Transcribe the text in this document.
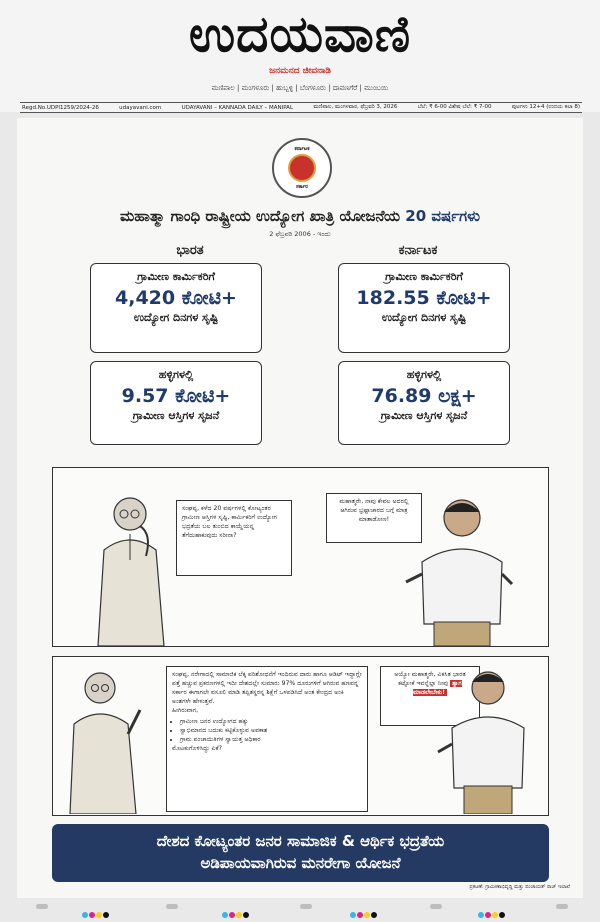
ಉದಯವಾಣಿ
ಜನಮನದ ಜೀವನಾಡಿ
ಮಣಿಪಾಲ | ಮಂಗಳೂರು | ಹುಬ್ಬಳ್ಳಿ | ಬೆಂಗಳೂರು | ದಾವಣಗೆರೆ | ಮುಂಬಯಿ
Regd.No.UDPI1259/2024-26	udayavani.com	UDAYAVANI – KANNADA DAILY – MANIPAL	ಮಣಿಪಾಲ, ಮಂಗಳವಾರ, ಫೆಬ್ರವರಿ 3, 2026	ಬೆಲೆ: ₹ 6-00 ವಿಶೇಷ ಬೆಲೆ: ₹ 7-00	ಪುಟಗಳು 12+4 (ಉದಯ ಕಲಾ 8)
ಕರ್ನಾಟಕ
ಸರ್ಕಾರ
ಮಹಾತ್ಮಾ ಗಾಂಧಿ ರಾಷ್ಟ್ರೀಯ ಉದ್ಯೋಗ ಖಾತ್ರಿ ಯೋಜನೆಯ 20 ವರ್ಷಗಳು
2 ಫೆಬ್ರವರಿ 2006 - ಇಂದು
ಭಾರತ	ಕರ್ನಾಟಕ
ಗ್ರಾಮೀಣ ಕಾರ್ಮಿಕರಿಗೆ
4,420 ಕೋಟಿ+
ಉದ್ಯೋಗ ದಿನಗಳ ಸೃಷ್ಟಿ
ಹಳ್ಳಿಗಳಲ್ಲಿ
9.57 ಕೋಟಿ+
ಗ್ರಾಮೀಣ ಆಸ್ತಿಗಳ ಸೃಜನೆ
ಗ್ರಾಮೀಣ ಕಾರ್ಮಿಕರಿಗೆ
182.55 ಕೋಟಿ+
ಉದ್ಯೋಗ ದಿನಗಳ ಸೃಷ್ಟಿ
ಹಳ್ಳಿಗಳಲ್ಲಿ
76.89 ಲಕ್ಷ+
ಗ್ರಾಮೀಣ ಆಸ್ತಿಗಳ ಸೃಜನೆ
ಸಂಘಪ್ಪ, ಕಳೆದ 20 ವರ್ಷಗಳಲ್ಲಿ ಕೋಟ್ಯಂತರ ಗ್ರಾಮೀಣ ಆಸ್ತಿಗಳ ಸೃಷ್ಟಿ, ಕಾರ್ಮಿಕರಿಗೆ ಉದ್ಯೋಗ ಭದ್ರತೆಯ ಬಲ ತುಂಬಿದ ಕಾಯ್ದೆಯನ್ನ ತೆಗೆದುಹಾಕುವುದು ಸರೀನಾ?
ಮಹಾತ್ಮರೇ, ನಾವು ಕೇವಲ ಅದರಲ್ಲಿ ಆಗಿರುವ ಭ್ರಷ್ಟಾಚಾರದ ಬಗ್ಗೆ ಮಾತ್ರ ಮಾತಾಡೋಣ!
ಸಂಘಪ್ಪ, ನರೇಗಾದಲ್ಲಿ ಸಾಮಾಜಿಕ ಲೆಕ್ಕ ಪರಿಶೋಧನೆಗೆ ಇಂದಿರುವ ದಾರು ಹಾಗೂ ಆಡಿಟ್ ಇದ್ದಾಗ್ಲೇ ಪತ್ತೆ ಹಚ್ಚುವ ಪ್ರಕರಣಗಳಲ್ಲಿ ಇದೀ ದೇಶದಲ್ಲೇ ಸುಮಾರು 97% ದೂರುಗಳಿಗೆ ಆಗಿರುವ ಹಣವನ್ನ ಸರ್ಕಾರ ಈಗಾಗಲೇ ವಸೂಲಿ ಮಾಡಿ ತಪ್ಪಿತಸ್ಥರನ್ನ ಶಿಕ್ಷೆಗೆ ಒಳಪಡಿಸಿದೆ ಅಂತ ಕೇಂದ್ರದ ಅಂಕಿ ಅಂಶಗಳೇ ಹೇಳುತ್ತವೆ.
ಹೀಗಿರುವಾಗ,
• ಗ್ರಾಮೀಣ ಜನರ ಉದ್ಯೋಗದ ಹಕ್ಕು
• ಸ್ವಾಭಿಮಾನದ ಬದುಕು ಕಟ್ಟಿಕೊಳ್ಳುವ ಅವಕಾಶ
• ಗ್ರಾಮ ಪಂಚಾಯಿತಿಗಳ ಸ್ವಾಯತ್ತ ಅಧಿಕಾರ
ಮೊಟಕುಗೊಳಿಸಿದ್ದು ಏಕೆ?
ಅಯ್ಯೋ ಮಹಾತ್ಮರೇ, ವಿಕಸಿತ ಭಾರತ ಕಟ್ಟೋಕೆ ಇವನ್ನೆಲ್ಲಾ ನೀವು ತ್ಯಾಗ ಮಾಡಲೇಬೇಕು!
ದೇಶದ ಕೋಟ್ಯಂತರ ಜನರ ಸಾಮಾಜಿಕ & ಆರ್ಥಿಕ ಭದ್ರತೆಯ
ಅಡಿಪಾಯವಾಗಿರುವ ಮನರೇಗಾ ಯೋಜನೆ
ಪ್ರಕಟಣೆ: ಗ್ರಾಮೀಣಾಭಿವೃದ್ಧಿ ಮತ್ತು ಪಂಚಾಯತ್ ರಾಜ್ ಇಲಾಖೆ
